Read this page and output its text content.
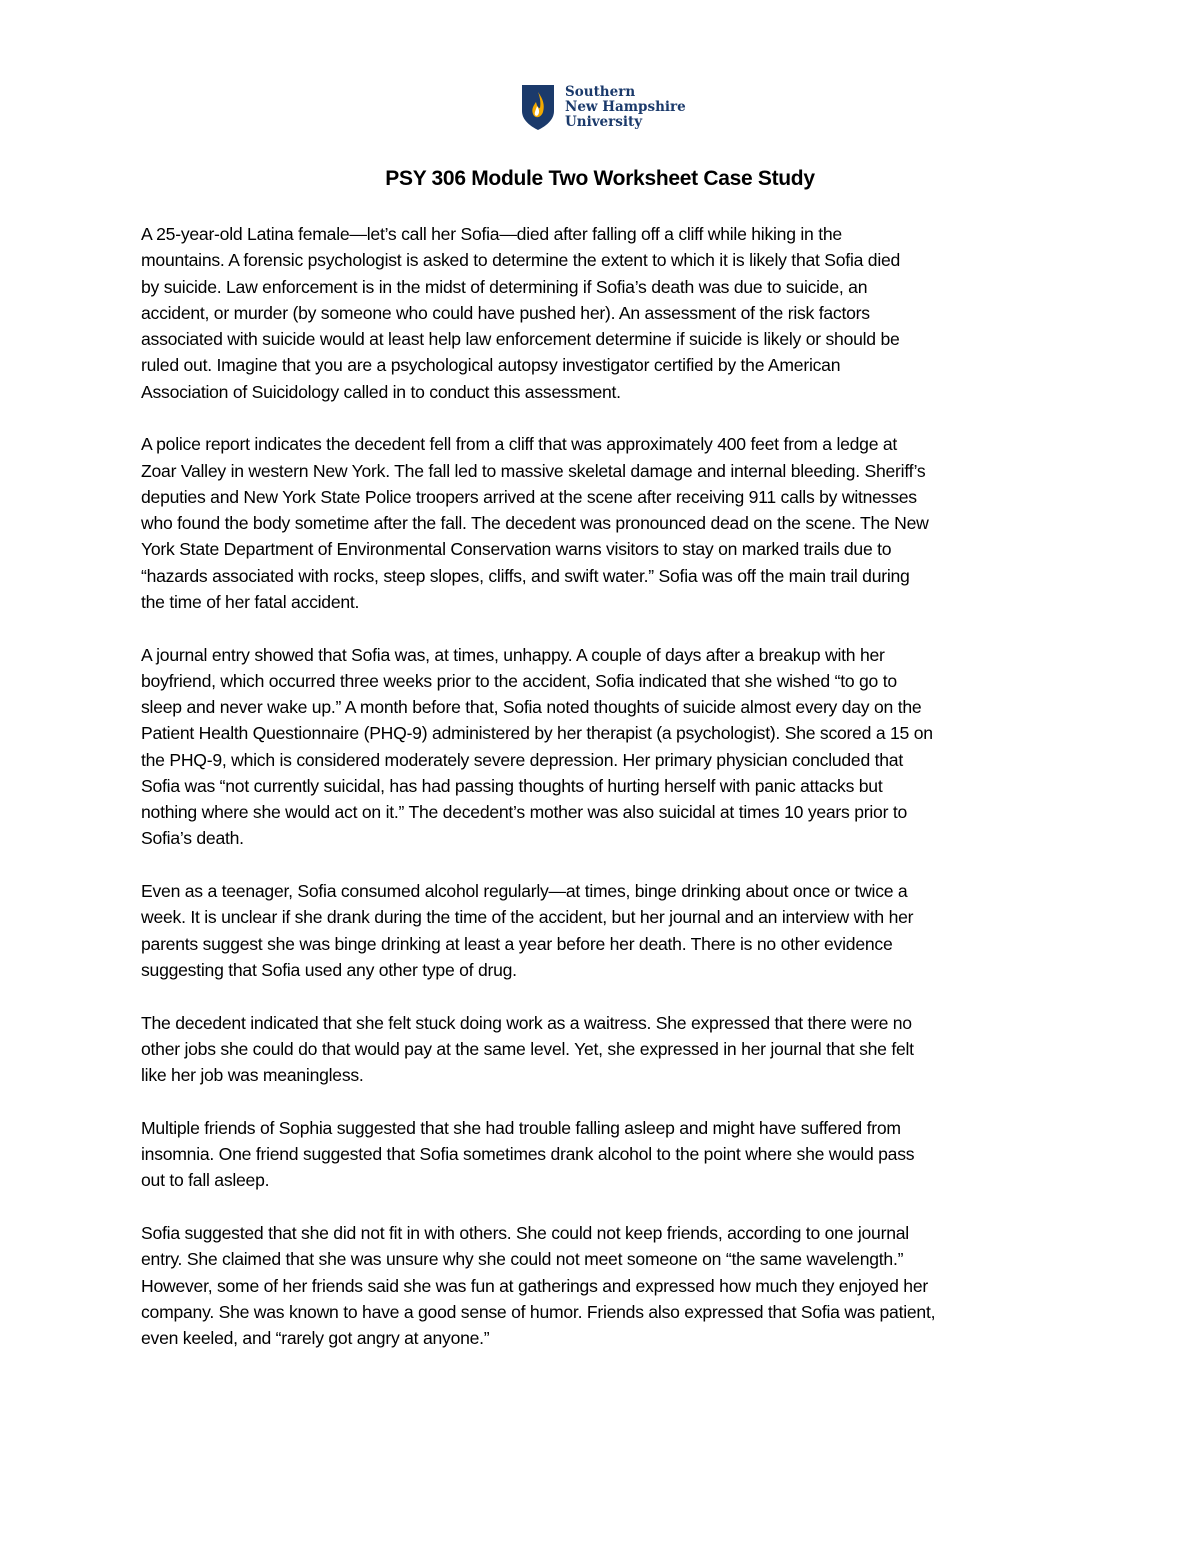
Southern
New Hampshire
University
PSY 306 Module Two Worksheet Case Study
A 25-year-old Latina female—let’s call her Sofia—died after falling off a cliff while hiking in the
mountains. A forensic psychologist is asked to determine the extent to which it is likely that Sofia died
by suicide. Law enforcement is in the midst of determining if Sofia’s death was due to suicide, an
accident, or murder (by someone who could have pushed her). An assessment of the risk factors
associated with suicide would at least help law enforcement determine if suicide is likely or should be
ruled out. Imagine that you are a psychological autopsy investigator certified by the American
Association of Suicidology called in to conduct this assessment.
A police report indicates the decedent fell from a cliff that was approximately 400 feet from a ledge at
Zoar Valley in western New York. The fall led to massive skeletal damage and internal bleeding. Sheriff’s
deputies and New York State Police troopers arrived at the scene after receiving 911 calls by witnesses
who found the body sometime after the fall. The decedent was pronounced dead on the scene. The New
York State Department of Environmental Conservation warns visitors to stay on marked trails due to
“hazards associated with rocks, steep slopes, cliffs, and swift water.” Sofia was off the main trail during
the time of her fatal accident.
A journal entry showed that Sofia was, at times, unhappy. A couple of days after a breakup with her
boyfriend, which occurred three weeks prior to the accident, Sofia indicated that she wished “to go to
sleep and never wake up.” A month before that, Sofia noted thoughts of suicide almost every day on the
Patient Health Questionnaire (PHQ-9) administered by her therapist (a psychologist). She scored a 15 on
the PHQ-9, which is considered moderately severe depression. Her primary physician concluded that
Sofia was “not currently suicidal, has had passing thoughts of hurting herself with panic attacks but
nothing where she would act on it.” The decedent’s mother was also suicidal at times 10 years prior to
Sofia’s death.
Even as a teenager, Sofia consumed alcohol regularly—at times, binge drinking about once or twice a
week. It is unclear if she drank during the time of the accident, but her journal and an interview with her
parents suggest she was binge drinking at least a year before her death. There is no other evidence
suggesting that Sofia used any other type of drug.
The decedent indicated that she felt stuck doing work as a waitress. She expressed that there were no
other jobs she could do that would pay at the same level. Yet, she expressed in her journal that she felt
like her job was meaningless.
Multiple friends of Sophia suggested that she had trouble falling asleep and might have suffered from
insomnia. One friend suggested that Sofia sometimes drank alcohol to the point where she would pass
out to fall asleep.
Sofia suggested that she did not fit in with others. She could not keep friends, according to one journal
entry. She claimed that she was unsure why she could not meet someone on “the same wavelength.”
However, some of her friends said she was fun at gatherings and expressed how much they enjoyed her
company. She was known to have a good sense of humor. Friends also expressed that Sofia was patient,
even keeled, and “rarely got angry at anyone.”
